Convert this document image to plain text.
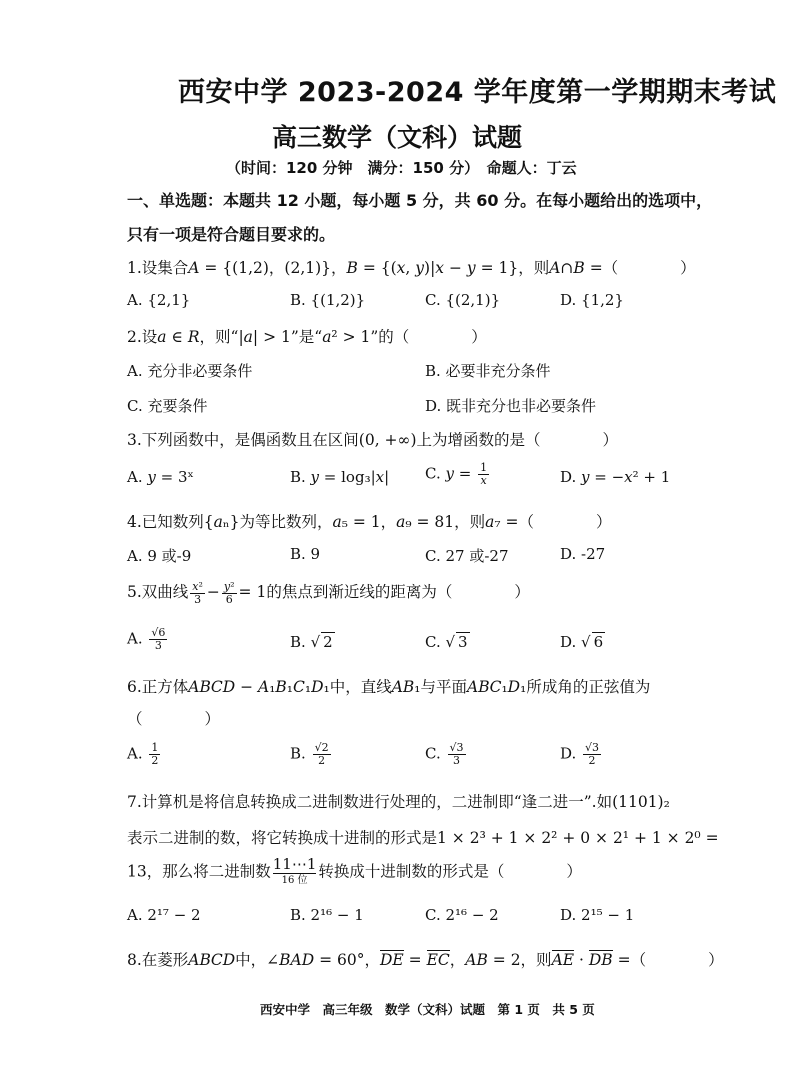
西安中学 2023-2024 学年度第一学期期末考试
高三数学（文科）试题
（时间：120 分钟　满分：150 分）　命题人：丁云
一、单选题：本题共 12 小题，每小题 5 分，共 60 分。在每小题给出的选项中，
只有一项是符合题目要求的。
1.设集合𝐴 = {(1,2)，(2,1)}，𝐵 = {(𝑥, 𝑦)|𝑥 − 𝑦 = 1}，则𝐴∩𝐵 =（　　　　）
A. {2,1}	B. {(1,2)}	C. {(2,1)}	D. {1,2}
2.设𝑎 ∈ 𝑅，则“|𝑎| > 1”是“𝑎² > 1”的（　　　　）
A. 充分非必要条件	B. 必要非充分条件
C. 充要条件	D. 既非充分也非必要条件
3.下列函数中，是偶函数且在区间(0, +∞)上为增函数的是（　　　　）
A. 𝑦 = 3ˣ	B. 𝑦 = log₃|𝑥| C. 𝑦 = $\frac{1}{\text{𝑥}}$	D. 𝑦 = −𝑥² + 1
4.已知数列{𝑎ₙ}为等比数列，𝑎₅ = 1，𝑎₉ = 81，则𝑎₇ =（　　　　）
A. 9 或-9	B. 9	C. 27 或-27	D. -27
5.双曲线 $\frac{\text{𝑥²}}{3} - \frac{\text{𝑦²}}{6} = 1$的焦点到渐近线的距离为（　　　　）
A. $\frac{√6}{3}$	B. √ 2	C. √ 3	D. √ 6
6.正方体𝐴𝐵𝐶𝐷 − 𝐴₁𝐵₁𝐶₁𝐷₁中，直线𝐴𝐵₁与平面𝐴𝐵𝐶₁𝐷₁所成角的正弦值为
（　　　　）
A. $\frac{1}{2}$	B. $\frac{√2}{2}$	C. $\frac{√3}{3}$	D. $\frac{√3}{2}$
7.计算机是将信息转换成二进制数进行处理的，二进制即“逢二进一”.如(1101)₂
表示二进制的数，将它转换成十进制的形式是1 × 2³ + 1 × 2² + 0 × 2¹ + 1 × 2⁰ =
13，那么将二进制数 11⋯1
16 位 转换成十进制数的形式是（　　　　）
A. 2¹⁷ − 2	B. 2¹⁶ − 1	C. 2¹⁶ − 2	D. 2¹⁵ − 1
8.在菱形𝐴𝐵𝐶𝐷中，∠𝐵𝐴𝐷 = 60°，𝐷𝐸 = 𝐸𝐶，𝐴𝐵 = 2，则𝐴𝐸 · 𝐷𝐵 =（　　　　）
西安中学　高三年级　数学（文科）试题　第 1 页　共 5 页
